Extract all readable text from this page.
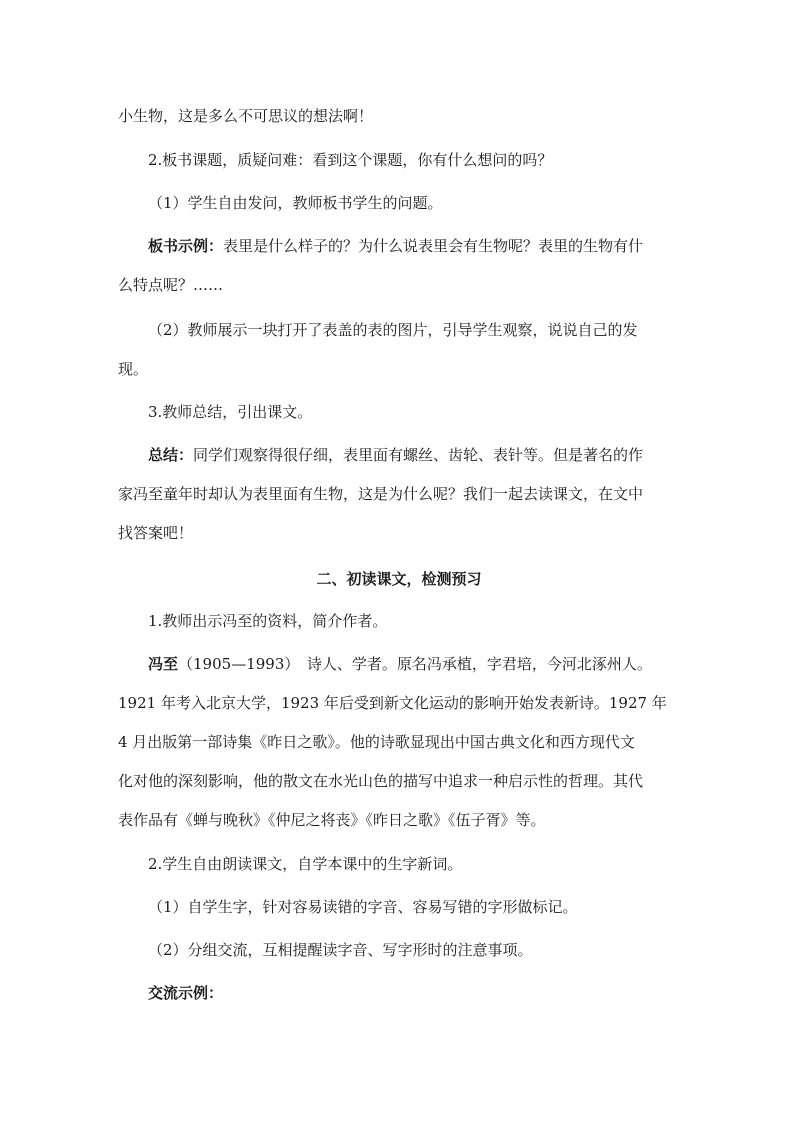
小生物，这是多么不可思议的想法啊！
2.板书课题，质疑问难：看到这个课题，你有什么想问的吗？
（1）学生自由发问，教师板书学生的问题。
板书示例：表里是什么样子的？为什么说表里会有生物呢？表里的生物有什
么特点呢？……
（2）教师展示一块打开了表盖的表的图片，引导学生观察，说说自己的发
现。
3.教师总结，引出课文。
总结：同学们观察得很仔细，表里面有螺丝、齿轮、表针等。但是著名的作
家冯至童年时却认为表里面有生物，这是为什么呢？我们一起去读课文，在文中
找答案吧！
二、初读课文，检测预习
1.教师出示冯至的资料，简介作者。
冯至（1905—1993）　诗人、学者。原名冯承植，字君培，今河北涿州人。
1921 年考入北京大学，1923 年后受到新文化运动的影响开始发表新诗。1927 年
4 月出版第一部诗集《昨日之歌》。他的诗歌显现出中国古典文化和西方现代文
化对他的深刻影响，他的散文在水光山色的描写中追求一种启示性的哲理。其代
表作品有《蝉与晚秋》《仲尼之将丧》《昨日之歌》《伍子胥》等。
2.学生自由朗读课文，自学本课中的生字新词。
（1）自学生字，针对容易读错的字音、容易写错的字形做标记。
（2）分组交流，互相提醒读字音、写字形时的注意事项。
交流示例：
